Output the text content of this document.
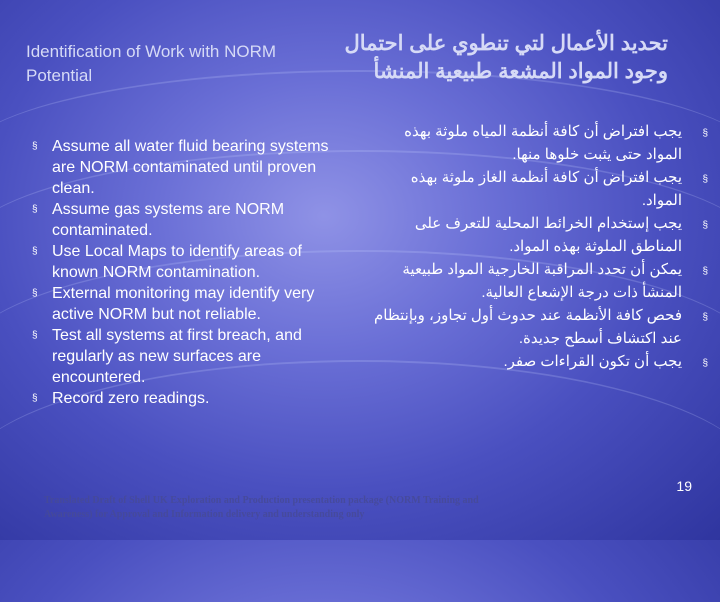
Identification of Work with NORM Potential
تحديد الأعمال لتي تنطوي على احتمال وجود المواد المشعة طبيعية المنشأ
§ Assume all water fluid bearing systems are NORM contaminated until proven clean.
§ Assume gas systems are NORM contaminated.
§ Use Local Maps to identify areas of known NORM contamination.
§ External monitoring may identify very active NORM but not reliable.
§ Test all systems at first breach, and regularly as new surfaces are encountered.
§ Record zero readings.
§
يجب افتراض أن كافة أنظمة المياه ملوثة بهذه المواد حتى يثبت خلوها منها.
§
يجب افتراض أن كافة أنظمة الغاز ملوثة بهذه المواد.
§
يجب إستخدام الخرائط المحلية للتعرف على المناطق الملوثة بهذه المواد.
§
يمكن أن تحدد المراقبة الخارجية المواد طبيعية المنشأ ذات درجة الإشعاع العالية.
§
فحص كافة الأنظمة عند حدوث أول تجاوز، وبإنتظام عند اكتشاف أسطح جديدة.
§
يجب أن تكون القراءات صفر.
Translated Draft of Shell UK Exploration and Production presentation package (NORM Training and Awareness) for Approval and Information delivery and understanding only
19
